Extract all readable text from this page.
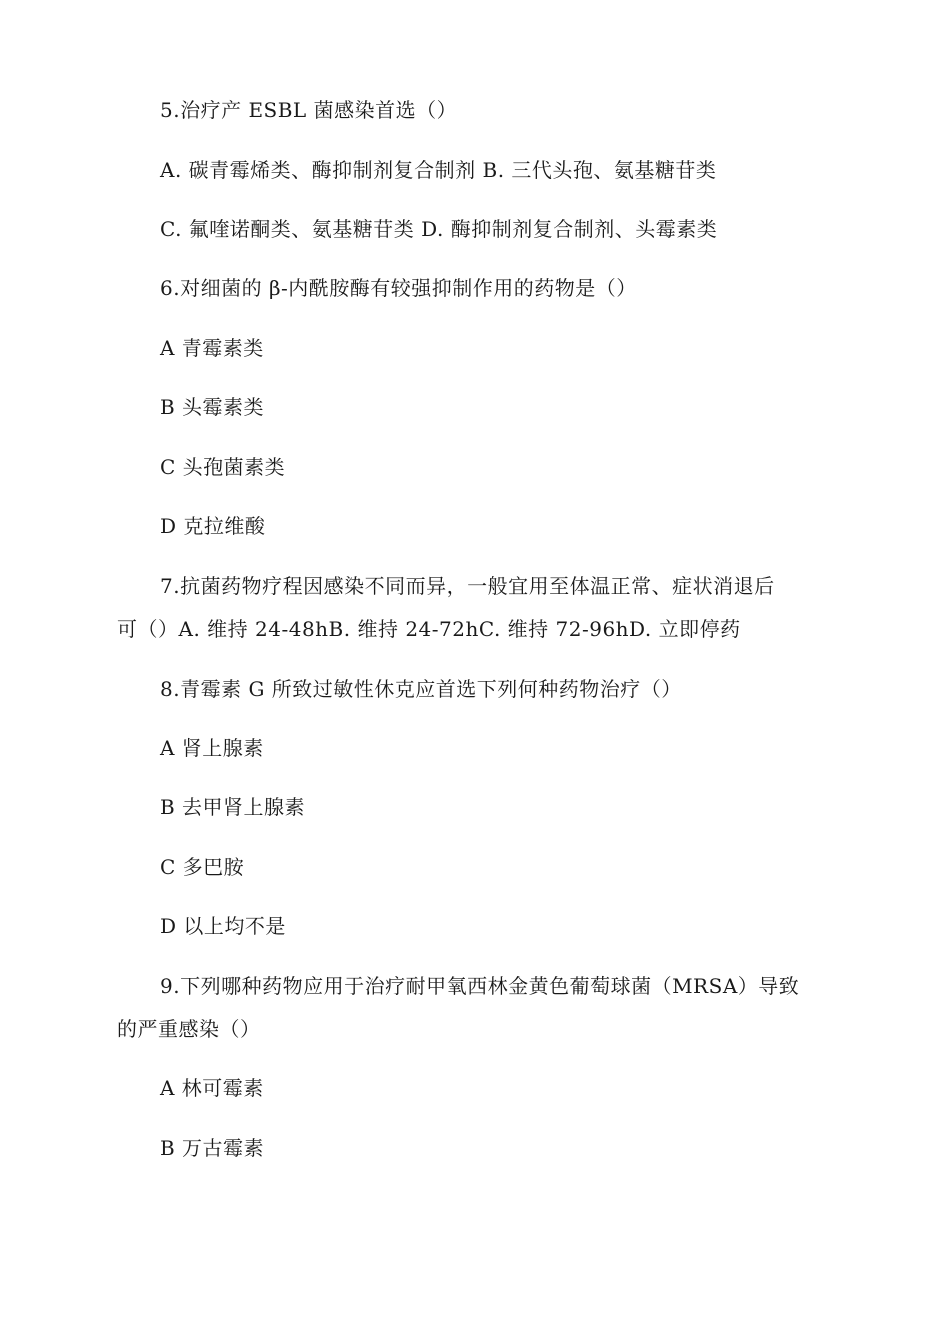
5.治疗产 ESBL 菌感染首选（）
A. 碳青霉烯类、酶抑制剂复合制剂 B. 三代头孢、氨基糖苷类
C. 氟喹诺酮类、氨基糖苷类 D. 酶抑制剂复合制剂、头霉素类
6.对细菌的 β-内酰胺酶有较强抑制作用的药物是（）
A 青霉素类
B 头霉素类
C 头孢菌素类
D 克拉维酸
7.抗菌药物疗程因感染不同而异，一般宜用至体温正常、症状消退后
可（）A. 维持 24-48hB. 维持 24-72hC. 维持 72-96hD. 立即停药
8.青霉素 G 所致过敏性休克应首选下列何种药物治疗（）
A 肾上腺素
B 去甲肾上腺素
C 多巴胺
D 以上均不是
9.下列哪种药物应用于治疗耐甲氧西林金黄色葡萄球菌（MRSA）导致
的严重感染（）
A 林可霉素
B 万古霉素
